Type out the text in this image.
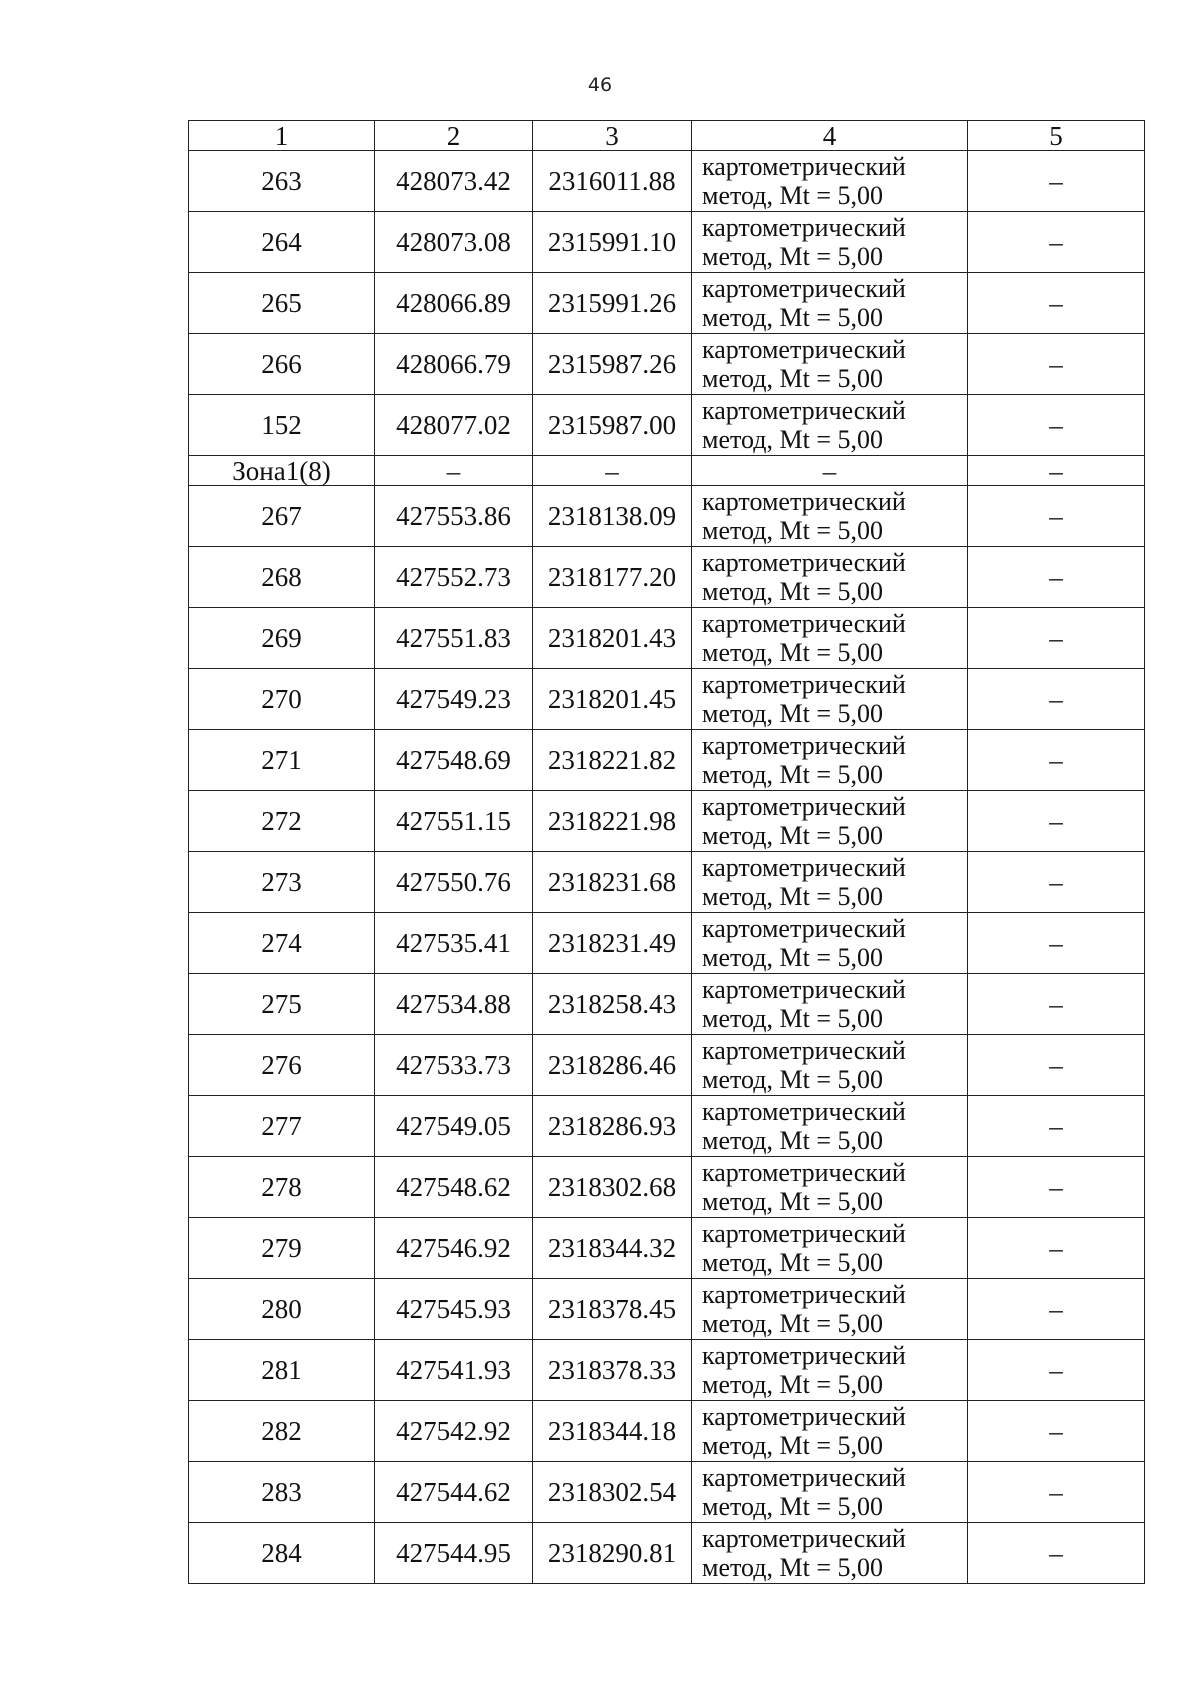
46
1	2	3	4	5
263	428073.42	2316011.88	картометрический метод, Mt = 5,00	–
264	428073.08	2315991.10	картометрический метод, Mt = 5,00	–
265	428066.89	2315991.26	картометрический метод, Mt = 5,00	–
266	428066.79	2315987.26	картометрический метод, Mt = 5,00	–
152	428077.02	2315987.00	картометрический метод, Mt = 5,00	–
Зона1(8)	–	–	–	–
267	427553.86	2318138.09	картометрический метод, Mt = 5,00	–
268	427552.73	2318177.20	картометрический метод, Mt = 5,00	–
269	427551.83	2318201.43	картометрический метод, Mt = 5,00	–
270	427549.23	2318201.45	картометрический метод, Mt = 5,00	–
271	427548.69	2318221.82	картометрический метод, Mt = 5,00	–
272	427551.15	2318221.98	картометрический метод, Mt = 5,00	–
273	427550.76	2318231.68	картометрический метод, Mt = 5,00	–
274	427535.41	2318231.49	картометрический метод, Mt = 5,00	–
275	427534.88	2318258.43	картометрический метод, Mt = 5,00	–
276	427533.73	2318286.46	картометрический метод, Mt = 5,00	–
277	427549.05	2318286.93	картометрический метод, Mt = 5,00	–
278	427548.62	2318302.68	картометрический метод, Mt = 5,00	–
279	427546.92	2318344.32	картометрический метод, Mt = 5,00	–
280	427545.93	2318378.45	картометрический метод, Mt = 5,00	–
281	427541.93	2318378.33	картометрический метод, Mt = 5,00	–
282	427542.92	2318344.18	картометрический метод, Mt = 5,00	–
283	427544.62	2318302.54	картометрический метод, Mt = 5,00	–
284	427544.95	2318290.81	картометрический метод, Mt = 5,00	–
